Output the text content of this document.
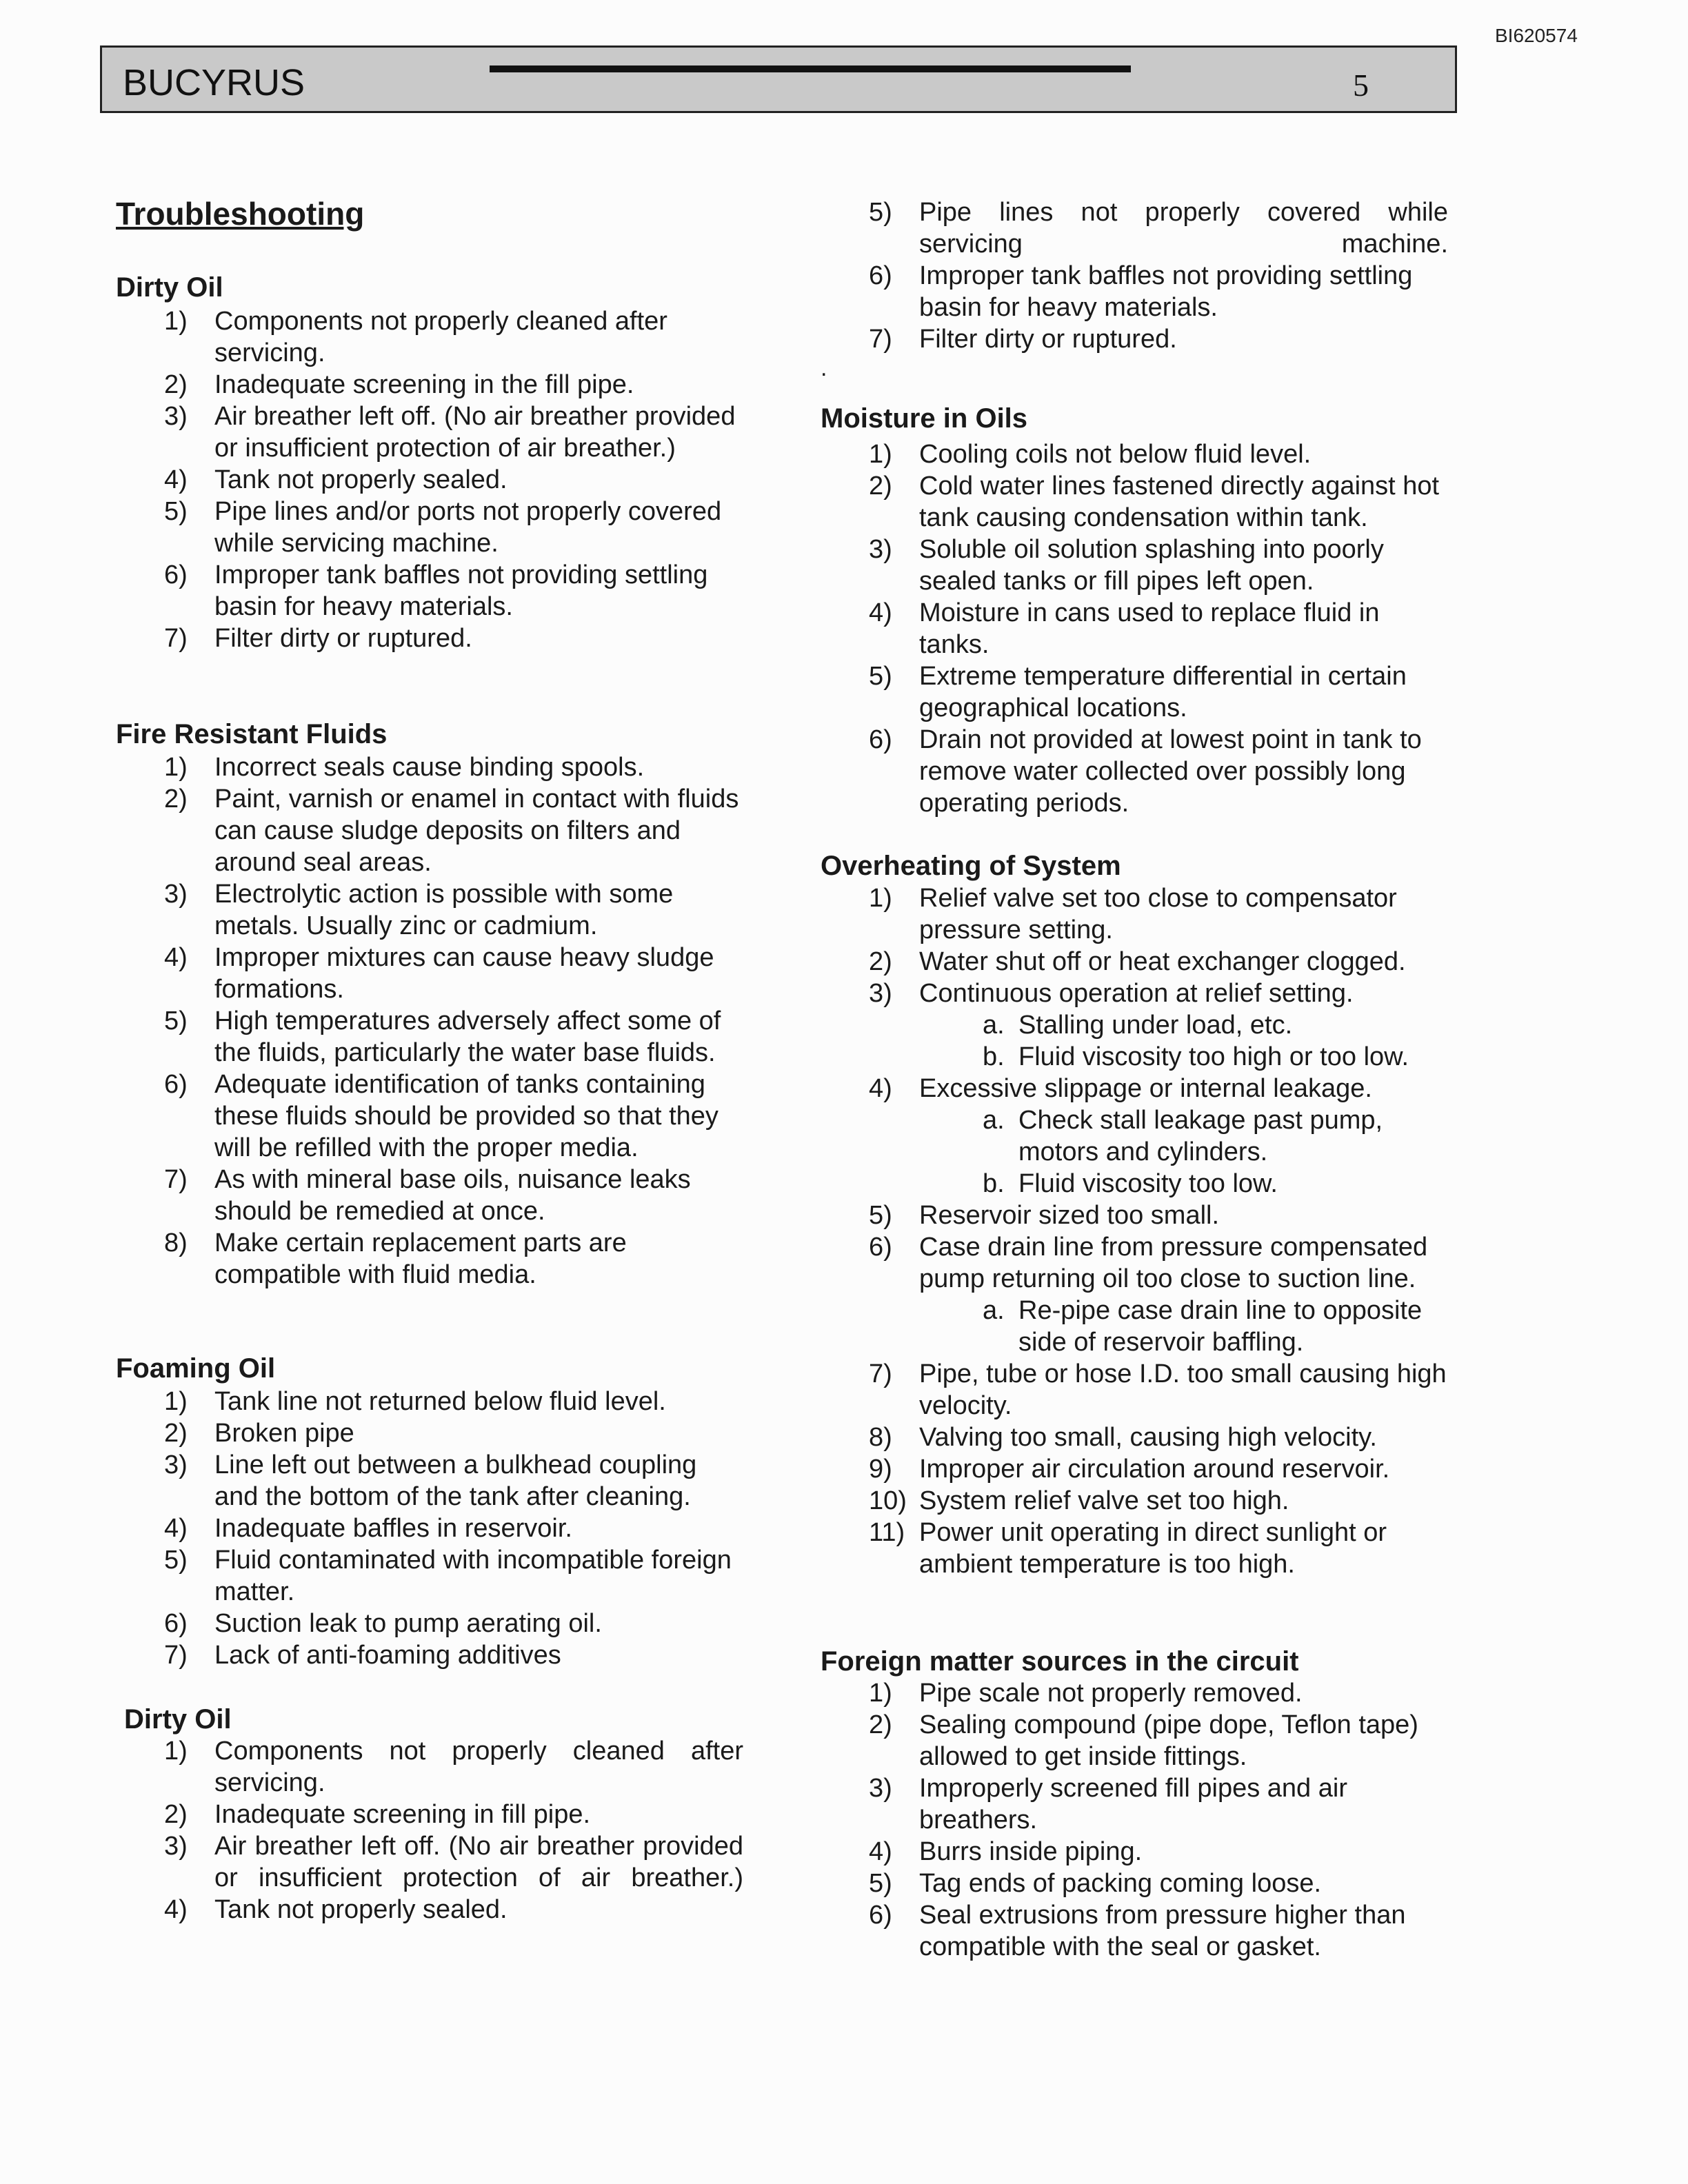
BI620574
BUCYRUS	5
Troubleshooting
Dirty Oil
1) Components not properly cleaned after servicing.
2) Inadequate screening in the fill pipe.
3) Air breather left off. (No air breather provided or insufficient protection of air breather.)
4) Tank not properly sealed.
5) Pipe lines and/or ports not properly covered while servicing machine.
6) Improper tank baffles not providing settling basin for heavy materials.
7) Filter dirty or ruptured.
Fire Resistant Fluids
1) Incorrect seals cause binding spools.
2) Paint, varnish or enamel in contact with fluids can cause sludge deposits on filters and around seal areas.
3) Electrolytic action is possible with some metals. Usually zinc or cadmium.
4) Improper mixtures can cause heavy sludge formations.
5) High temperatures adversely affect some of the fluids, particularly the water base fluids.
6) Adequate identification of tanks containing these fluids should be provided so that they will be refilled with the proper media.
7) As with mineral base oils, nuisance leaks should be remedied at once.
8) Make certain replacement parts are compatible with fluid media.
Foaming Oil
1) Tank line not returned below fluid level.
2) Broken pipe
3) Line left out between a bulkhead coupling and the bottom of the tank after cleaning.
4) Inadequate baffles in reservoir.
5) Fluid contaminated with incompatible foreign matter.
6) Suction leak to pump aerating oil.
7) Lack of anti-foaming additives
Dirty Oil
1) Components not properly cleaned after servicing.
2) Inadequate screening in fill pipe.
3) Air breather left off. (No air breather provided or insufficient protection of air breather.)
4) Tank not properly sealed.
5) Pipe lines not properly covered while servicing machine.
6) Improper tank baffles not providing settling basin for heavy materials.
7) Filter dirty or ruptured.
.
Moisture in Oils
1) Cooling coils not below fluid level.
2) Cold water lines fastened directly against hot tank causing condensation within tank.
3) Soluble oil solution splashing into poorly sealed tanks or fill pipes left open.
4) Moisture in cans used to replace fluid in tanks.
5) Extreme temperature differential in certain geographical locations.
6) Drain not provided at lowest point in tank to remove water collected over possibly long operating periods.
Overheating of System
1) Relief valve set too close to compensator pressure setting.
2) Water shut off or heat exchanger clogged.
3) Continuous operation at relief setting.
a. Stalling under load, etc.
b. Fluid viscosity too high or too low.
4) Excessive slippage or internal leakage.
a. Check stall leakage past pump, motors and cylinders.
b. Fluid viscosity too low.
5) Reservoir sized too small.
6) Case drain line from pressure compensated pump returning oil too close to suction line.
a. Re-pipe case drain line to opposite side of reservoir baffling.
7) Pipe, tube or hose I.D. too small causing high velocity.
8) Valving too small, causing high velocity.
9) Improper air circulation around reservoir.
10) System relief valve set too high.
11) Power unit operating in direct sunlight or ambient temperature is too high.
Foreign matter sources in the circuit
1) Pipe scale not properly removed.
2) Sealing compound (pipe dope, Teflon tape) allowed to get inside fittings.
3) Improperly screened fill pipes and air breathers.
4) Burrs inside piping.
5) Tag ends of packing coming loose.
6) Seal extrusions from pressure higher than compatible with the seal or gasket.
